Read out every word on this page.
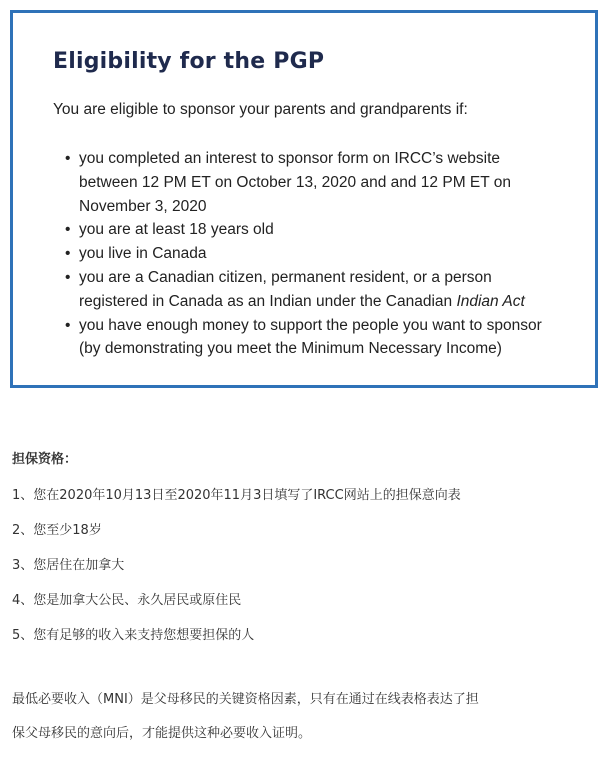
Eligibility for the PGP

You are eligible to sponsor your parents and grandparents if:

• you completed an interest to sponsor form on IRCC’s website
between 12 PM ET on October 13, 2020 and and 12 PM ET on
November 3, 2020
• you are at least 18 years old
• you live in Canada
• you are a Canadian citizen, permanent resident, or a person
registered in Canada as an Indian under the Canadian Indian Act
• you have enough money to support the people you want to sponsor
(by demonstrating you meet the Minimum Necessary Income)

担保资格：

1、您在2020年10月13日至2020年11月3日填写了IRCC网站上的担保意向表

2、您至少18岁

3、您居住在加拿大

4、您是加拿大公民、永久居民或原住民

5、您有足够的收入来支持您想要担保的人

最低必要收入（MNI）是父母移民的关键资格因素，只有在通过在线表格表达了担
保父母移民的意向后，才能提供这种必要收入证明。
